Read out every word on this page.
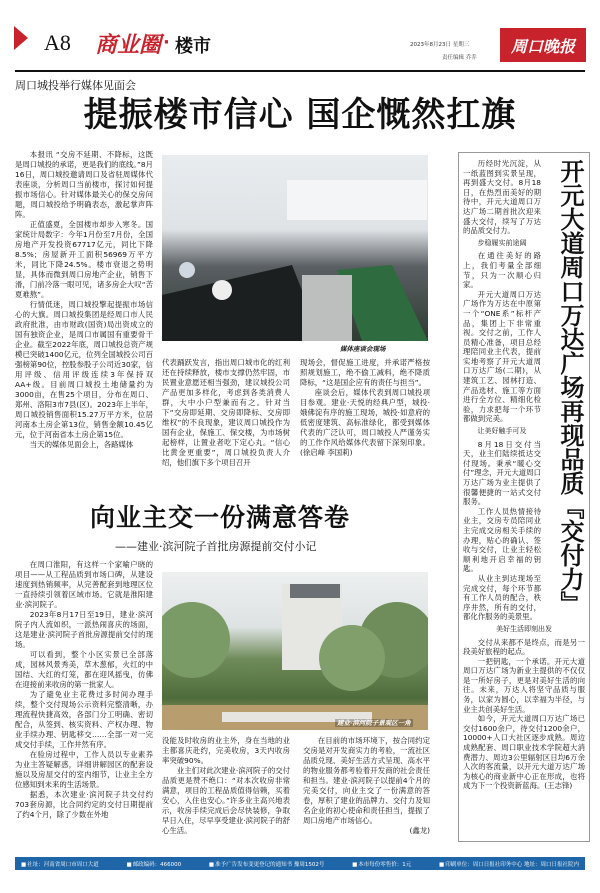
A8 商业圈 · 楼市	2023年8月23日 星期三
责任编辑 乔乔
周口晚报
周口城投举行媒体见面会
提振楼市信心 国企慨然扛旗

本报讯 “交房不延期、不降标，这既是周口城投的承诺，更是我们的底线。”8月16日，周口城投邀请周口及省驻周媒体代表座谈，分析周口当前楼市，探讨如何提振市场信心。针对媒体最关心的保交房问题，周口城投给予明确表态，激起掌声阵阵。

正值盛夏，全国楼市却步入寒冬。国家统计局数字：今年1月份至7月份，全国房地产开发投资67717亿元，同比下降8.5%；房屋新开工面积56969万平方米，同比下降24.5%。楼市衰退之势明显，具体而微到周口房地产企业，销售下滑，门前冷落一眼可见，诸多房企大叹“苦夏难熬”。

行情低迷，周口城投擎起提振市场信心的大旗。周口城投集团是经周口市人民政府批准，由市财政(国资)局出资成立的国有独资企业，是周口市属国有重要骨干企业。截至2022年底，周口城投总资产规模已突破1400亿元，位列全国城投公司百强榜第90位，控股参股子公司近30家，信用评级、信用评级连续3年保持双AA+级。目前周口城投土地储量约为3000亩，在售25个项目，分布在周口、郑州、洛阳3市7县(区)。2023年上半年，周口城投销售面积15.27万平方米，位居河南本土房企第13位，销售金额10.45亿元，位于河南省本土房企第15位。

当天的媒体见面会上，各路媒体

媒体座谈会现场

代表踊跃发言，指出周口城市化的红利还在持续释放，楼市支撑仍然牢固，市民置业意愿还相当强劲，建议城投公司产品更加多样化，考虑到各类消费人群，大中小户型兼而有之。针对当下“交房即延期、交房即降标、交房即维权”的不良现象，建议周口城投作为国有企业，保施工、保交楼，为市场树起榜样，让置业者吃下定心丸。“信心比黄金更重要”，周口城投负责人介绍，他们旗下多个项目召开

现场会，督促施工进度，并承诺严格按照规划施工，绝不偷工减料，绝不降质降标，“这是国企应有的责任与担当”。

座谈会后，媒体代表到周口城投项目参观。建业·天悦的经典户型，城投·娥佛淀有序的施工现场，城投·如意府的低密度建筑、高标准绿化，都受到媒体代表的广泛认可，周口城投人严谨务实的工作作风给媒体代表留下深刻印象。(徐启峰 李国莉)

向业主交一份满意答卷
——建业·滨河院子首批房源提前交付小记

在周口淮阳，有这样一个家喻户晓的项目——从工程品质到市场口碑，从建设速度到热销频率，从完善配套到地理区位一直持续引领着区域市场。它就是淮阳建业·滨河院子。

2023年8月17日至19日，建业·滨河院子内人流如织，一派热闹喜庆的场面，这是建业·滨河院子首批房源提前交付的现场。

可以看到，整个小区实景已全部落成，园林风景秀美，草木葱郁，火红的中国结、大红的灯笼，都在迎风摇曳，仿佛在迎接前来收房的第一批家人。

为了避免业主花费过多时间办理手续，整个交付现场公示资料完整清晰，办理流程快捷高效，各部门分工明确、密切配合，从签到、核实资料、产权办理、物业手续办理、钥匙移交……全部一对一完成交付手续，工作井然有序。

在验房过程中，工作人员以专业素养为业主答疑解惑，详细讲解园区的配套设施以及房屋交付的室内细节，让业主全方位感知到未来的生活场景。

据悉，本次建业·滨河院子共交付约703套房源，比合同约定的交付日期提前了约4个月，除了少数在外地

建业·滨河院子景观区一角

没能及时收房的业主外，身在当地的业主都喜庆赴约，完美收房，3天内收房率突破90%。

业主们对此次建业·滨河院子的交付品质更是赞不绝口：“对本次收房非常满意，项目的工程品质值得信赖，买着安心，入住也安心。”许多业主高兴地表示，收房手续完成后会尽快装修，争取早日入住，尽早享受建业·滨河院子的舒心生活。

在目前的市场环境下，按合同约定交房是对开发商实力的考验，一流社区品质兑现、美好生活方式呈现、高水平的物业服务都考验着开发商的社会责任和担当。建业·滨河院子以提前4个月的完美交付，向业主交了一份满意的答卷，厚积了建业的品牌力、交付力及知名企业的初心使命和责任担当，提振了周口房地产市场信心。

(鑫龙)

开元大道周口万达广场再现品质『交付力』

历经时光沉淀，从一纸蓝图到实景呈现，再到盛大交付。8月18日，在热烈而美好的期待中，开元大道周口万达广场二期首批次迎来盛大交付，续写了万达的品质交付力。

步稳履实前途阔

在通往美好的路上，我们考量全部细节，只为一次顺心归家。

开元大道周口万达广场作为万达在中原第一个“ONE系”标杆产品，集团上下非常重视。交付之前，工作人员精心准备，项目总经理陪同业主代表，提前实地考察了开元大道周口万达广场(二期)，从建筑工艺、园林打造、产品选材、施工等方面进行全方位、精细化检验，力求把每一个环节都做到完美。

让美好触手可及

8月18日交付当天，业主们陆续抵达交付现场。秉承“暖心交付”理念，开元大道周口万达广场为业主提供了很馨便捷的一站式交付服务。

工作人员热情接待业主，交房专员陪同业主完成交房相关手续的办理，贴心的确认、签收与交付，让业主轻松顺利地开启幸福的钥匙。

从业主到达现场至完成交付，每个环节都有工作人员的配合，秩序井然，所有的交付，都化作服务的美景里。

美好生活即刻出发

交付从来都不是终点，而是另一段美好旅程的起点。

一把钥匙，一个承诺。开元大道周口万达广场为新业主提供的不仅仅是一所好房子，更是对美好生活的向往。未来，万达人将坚守品质与服务，以家为圆心，以幸福为半径，与业主共创美好生活。

如今，开元大道周口万达广场已交付1600余户，待交付1200余户，10000+人口大社区逐步成熟。周边成熟配套、周口职业技术学院超大消费潜力、周边3公里辐射区日均6万余人次的客流量，以开元大道万达广场为核心的商业新中心正在形成，也将成为下一个投资新蓝海。(王志锋)

■ 社址：河南省周口市周口大道	■ 邮政编码：466000	■ 准予广告发布变更登记的通知书 豫周1502号	■ 本市每份零售价：1元	■ 印刷单位：周口日报社印务中心 地址：周口日报社院内
